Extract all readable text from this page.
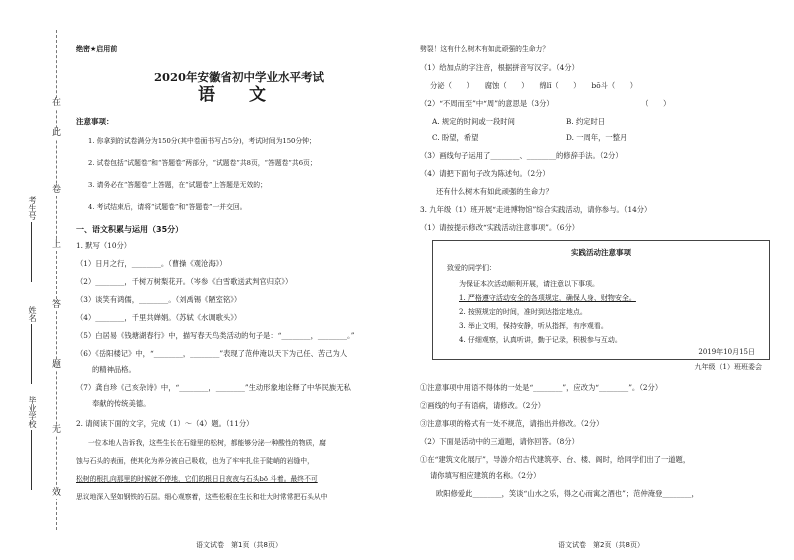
在
此
卷
上
答
题
无
效
考生号
姓名
毕业学校
绝密★启用前
2020年安徽省初中学业水平考试
语 文
注意事项：
1. 你拿到的试卷满分为150分(其中卷面书写占5分)，考试时间为150分钟；
2. 试卷包括“试题卷”和“答题卷”两部分，“试题卷”共8页，“答题卷”共6页；
3. 请务必在“答题卷”上答题，在“试题卷”上答题是无效的；
4. 考试结束后，请将“试题卷”和“答题卷”一并交回。
一、语文积累与运用（35分）
1. 默写（10分）
（1）日月之行，________。（曹操《观沧海》）
（2）________，千树万树梨花开。（岑参《白雪歌送武判官归京》）
（3）谈笑有鸿儒，________。（刘禹锡《陋室铭》）
（4）________，千里共婵娟。（苏轼《水调歌头》）
（5）白居易《钱塘湖春行》中，描写春天鸟类活动的句子是：“________，________。”
（6）《岳阳楼记》中，“________，________”表现了范仲淹以天下为己任、苦己为人
的精神品格。
（7）龚自珍《己亥杂诗》中，“________，________”生动形象地诠释了中华民族无私
奉献的传统美德。
2. 请阅读下面的文字，完成（1）～（4）题。（11分）
一位本地人告诉我，这些生长在石缝里的松树，都能够分泌一种酸性的物质，腐
蚀与石头的表面，使其化为养分被自己吸收，也为了牢牢扎住于陡峭的岩缝中，
松树的根扎向那里的时候就不停地，它们的根日日夜夜与石头bō 斗着。最终不可
思议地深入坚如钢铁的石层。细心观察着，这些松根在生长和壮大时常常把石头从中
语文试卷　第1页（共8页）
劈裂！这有什么树木有如此顽强的生命力？
（1）给加点的字注音，根据拼音写汉字。（4分）
分泌（　　）　　腐蚀（　　）　　绵lǐ（　　）　　bō斗（　　）
（2）“不周而至”中“周”的意思是（3分）　　　　　　　　　　　　　（　　）
A. 规定的时间或一段时间　　　　　　　B. 约定时日
C. 盼望，希望　　　　　　　　　　　　D. 一周年，一整月
（3）画线句子运用了________、________的修辞手法。（2分）
（4）请把下面句子改为陈述句。（2分）
还有什么树木有如此顽强的生命力？
3. 九年级（1）班开展“走进博物馆”综合实践活动，请你参与。（14分）
（1）请按提示修改“实践活动注意事项”。（6分）
实践活动注意事项
致爱的同学们：
为保证本次活动顺利开展，请注意以下事项。
1. 严格遵守活动安全的各项规定，确保人身、财物安全。
2. 按照规定的时间，准时到达指定地点。
3. 举止文明，保持安静，听从指挥，有序观看。
4. 仔细观察，认真听讲，勤于记录，积极参与互动。
2019年10月15日
九年级（1）班班委会
①注意事项中用语不得体的一处是“________”，应改为“________”。（2分）
②画线的句子有语病，请修改。（2分）
③注意事项的格式有一处不规范，请指出并修改。（2分）
（2）下面是活动中的三道题，请你回答。（8分）
①在“建筑文化展厅”，导游介绍古代建筑亭、台、楼、阁时，给同学们出了一道题，
请你填写相应建筑的名称。（2分）
欧阳修爱此________，笑谈“山水之乐，得之心而寓之酒也”；范仲淹登________，
语文试卷　第2页（共8页）
